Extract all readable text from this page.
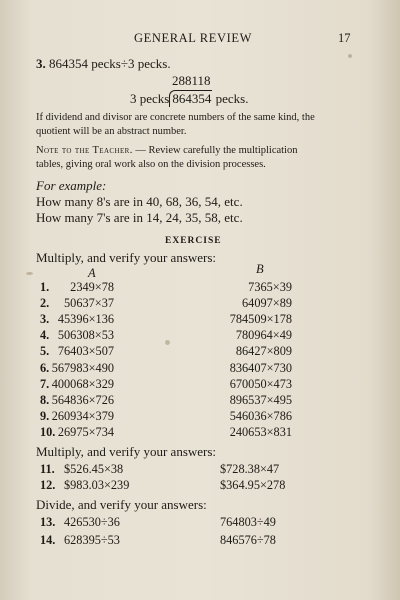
GENERAL REVIEW	17
3. 864354 pecks÷3 pecks.
288118
3 pecks 864354 pecks.
If dividend and divisor are concrete numbers of the same kind, the
quotient will be an abstract number.
Note to the Teacher. — Review carefully the multiplication
tables, giving oral work also on the division processes.
For example:
How many 8's are in 40, 68, 36, 54, etc.
How many 7's are in 14, 24, 35, 58, etc.
EXERCISE
Multiply, and verify your answers:
A	B
1. 2349×78	7365×39
2. 50637×37	64097×89
3. 45396×136	784509×178
4. 506308×53	780964×49
5. 76403×507	86427×809
6. 567983×490	836407×730
7. 400068×329	670050×473
8. 564836×726	896537×495
9. 260934×379	546036×786
10. 26975×734	240653×831
Multiply, and verify your answers:
11. $526.45×38	$728.38×47
12. $983.03×239	$364.95×278
Divide, and verify your answers:
13. 426530÷36	764803÷49
14. 628395÷53	846576÷78
